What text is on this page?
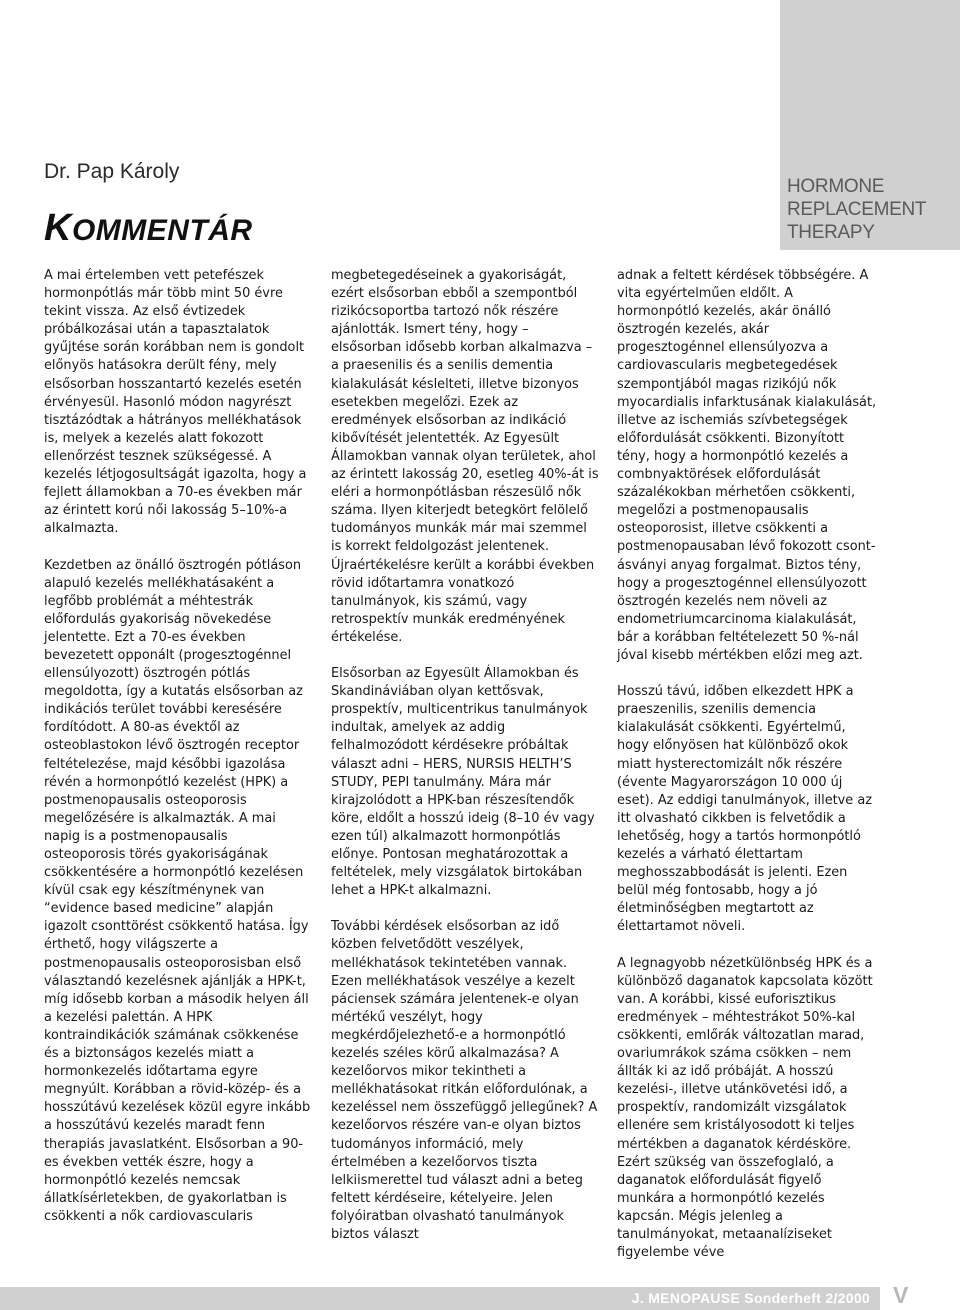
HORMONE
REPLACEMENT
THERAPY
Dr. Pap Károly
KOMMENTÁR

A mai értelemben vett petefészek hormonpótlás már több mint 50 évre tekint vissza. Az első évtizedek próbálkozásai után a tapasztalatok gyűjtése során korábban nem is gondolt előnyös hatásokra derült fény, mely elsősorban hosszantartó kezelés esetén érvényesül. Hasonló módon nagyrészt tisztázódtak a hátrányos mellékhatások is, melyek a kezelés alatt fokozott ellenőrzést tesznek szükségessé. A kezelés létjogosultságát igazolta, hogy a fejlett államokban a 70-es években már az érintett korú női lakosság 5–10%-a alkalmazta.

Kezdetben az önálló ösztrogén pótláson alapuló kezelés mellékhatásaként a legfőbb problémát a méhtestrák előfordulás gyakoriság növekedése jelentette. Ezt a 70-es években bevezetett opponált (progesztogénnel ellensúlyozott) ösztrogén pótlás megoldotta, így a kutatás elsősorban az indikációs terület további keresésére fordítódott. A 80-as évektől az osteoblastokon lévő ösztrogén receptor feltételezése, majd későbbi igazolása révén a hormonpótló kezelést (HPK) a postmenopausalis osteoporosis megelőzésére is alkalmazták. A mai napig is a postmenopausalis osteoporosis törés gyakoriságának csökkentésére a hormonpótló kezelésen kívül csak egy készítménynek van “evidence based medicine” alapján igazolt csonttörést csökkentő hatása. Így érthető, hogy világszerte a postmenopausalis osteoporosisban első választandó kezelésnek ajánlják a HPK-t, míg idősebb korban a második helyen áll a kezelési palettán. A HPK kontraindikációk számának csökkenése és a biztonságos kezelés miatt a hormonkezelés időtartama egyre megnyúlt. Korábban a rövid-közép- és a hosszútávú kezelések közül egyre inkább a hosszútávú kezelés maradt fenn therapiás javaslatként. Elsősorban a 90-es években vették észre, hogy a hormonpótló kezelés nemcsak állatkísérletekben, de gyakorlatban is csökkenti a nők cardiovascularis

megbetegedéseinek a gyakoriságát, ezért elsősorban ebből a szempontból rizikócsoportba tartozó nők részére ajánlották. Ismert tény, hogy – elsősorban idősebb korban alkalmazva – a praesenilis és a senilis dementia kialakulását késlelteti, illetve bizonyos esetekben megelőzi. Ezek az eredmények elsősorban az indikáció kibővítését jelentették. Az Egyesült Államokban vannak olyan területek, ahol az érintett lakosság 20, esetleg 40%-át is eléri a hormonpótlásban részesülő nők száma. Ilyen kiterjedt betegkört felölelő tudományos munkák már mai szemmel is korrekt feldolgozást jelentenek. Újraértékelésre került a korábbi években rövid időtartamra vonatkozó tanulmányok, kis számú, vagy retrospektív munkák eredményének értékelése.

Elsősorban az Egyesült Államokban és Skandináviában olyan kettősvak, prospektív, multicentrikus tanulmányok indultak, amelyek az addig felhalmozódott kérdésekre próbáltak választ adni – HERS, NURSIS HELTH’S STUDY, PEPI tanulmány. Mára már kirajzolódott a HPK-ban részesítendők köre, eldőlt a hosszú ideig (8–10 év vagy ezen túl) alkalmazott hormonpótlás előnye. Pontosan meghatározottak a feltételek, mely vizsgálatok birtokában lehet a HPK-t alkalmazni.

További kérdések elsősorban az idő közben felvetődött veszélyek, mellékhatások tekintetében vannak. Ezen mellékhatások veszélye a kezelt páciensek számára jelentenek-e olyan mértékű veszélyt, hogy megkérdőjelezhető-e a hormonpótló kezelés széles körű alkalmazása? A kezelőorvos mikor tekintheti a mellékhatásokat ritkán előfordulónak, a kezeléssel nem összefüggő jellegűnek? A kezelőorvos részére van-e olyan biztos tudományos információ, mely értelmében a kezelőorvos tiszta lelkiismerettel tud választ adni a beteg feltett kérdéseire, kételyeire. Jelen folyóiratban olvasható tanulmányok biztos választ

adnak a feltett kérdések többségére. A vita egyértelműen eldőlt. A hormonpótló kezelés, akár önálló ösztrogén kezelés, akár progesztogénnel ellensúlyozva a cardiovascularis megbetegedések szempontjából magas rizikójú nők myocardialis infarktusának kialakulását, illetve az ischemiás szívbetegségek előfordulását csökkenti. Bizonyított tény, hogy a hormonpótló kezelés a combnyaktörések előfordulását százalékokban mérhetően csökkenti, megelőzi a postmenopausalis osteoporosist, illetve csökkenti a postmenopausaban lévő fokozott csont-ásványi anyag forgalmat. Biztos tény, hogy a progesztogénnel ellensúlyozott ösztrogén kezelés nem növeli az endometriumcarcinoma kialakulását, bár a korábban feltételezett 50 %-nál jóval kisebb mértékben előzi meg azt.

Hosszú távú, időben elkezdett HPK a praeszenilis, szenilis demencia kialakulását csökkenti. Egyértelmű, hogy előnyösen hat különböző okok miatt hysterectomizált nők részére (évente Magyarországon 10 000 új eset). Az eddigi tanulmányok, illetve az itt olvasható cikkben is felvetődik a lehetőség, hogy a tartós hormonpótló kezelés a várható élettartam meghosszabbodását is jelenti. Ezen belül még fontosabb, hogy a jó életminőségben megtartott az élettartamot növeli.

A legnagyobb nézetkülönbség HPK és a különböző daganatok kapcsolata között van. A korábbi, kissé euforisztikus eredmények – méhtestrákot 50%-kal csökkenti, emlőrák változatlan marad, ovariumrákok száma csökken – nem állták ki az idő próbáját. A hosszú kezelési-, illetve utánkövetési idő, a prospektív, randomizált vizsgálatok ellenére sem kristályosodott ki teljes mértékben a daganatok kérdésköre. Ezért szükség van összefoglaló, a daganatok előfordulását figyelő munkára a hormonpótló kezelés kapcsán. Mégis jelenleg a tanulmányokat, metaanalíziseket figyelembe véve

J. MENOPAUSE Sonderheft 2/2000 V
